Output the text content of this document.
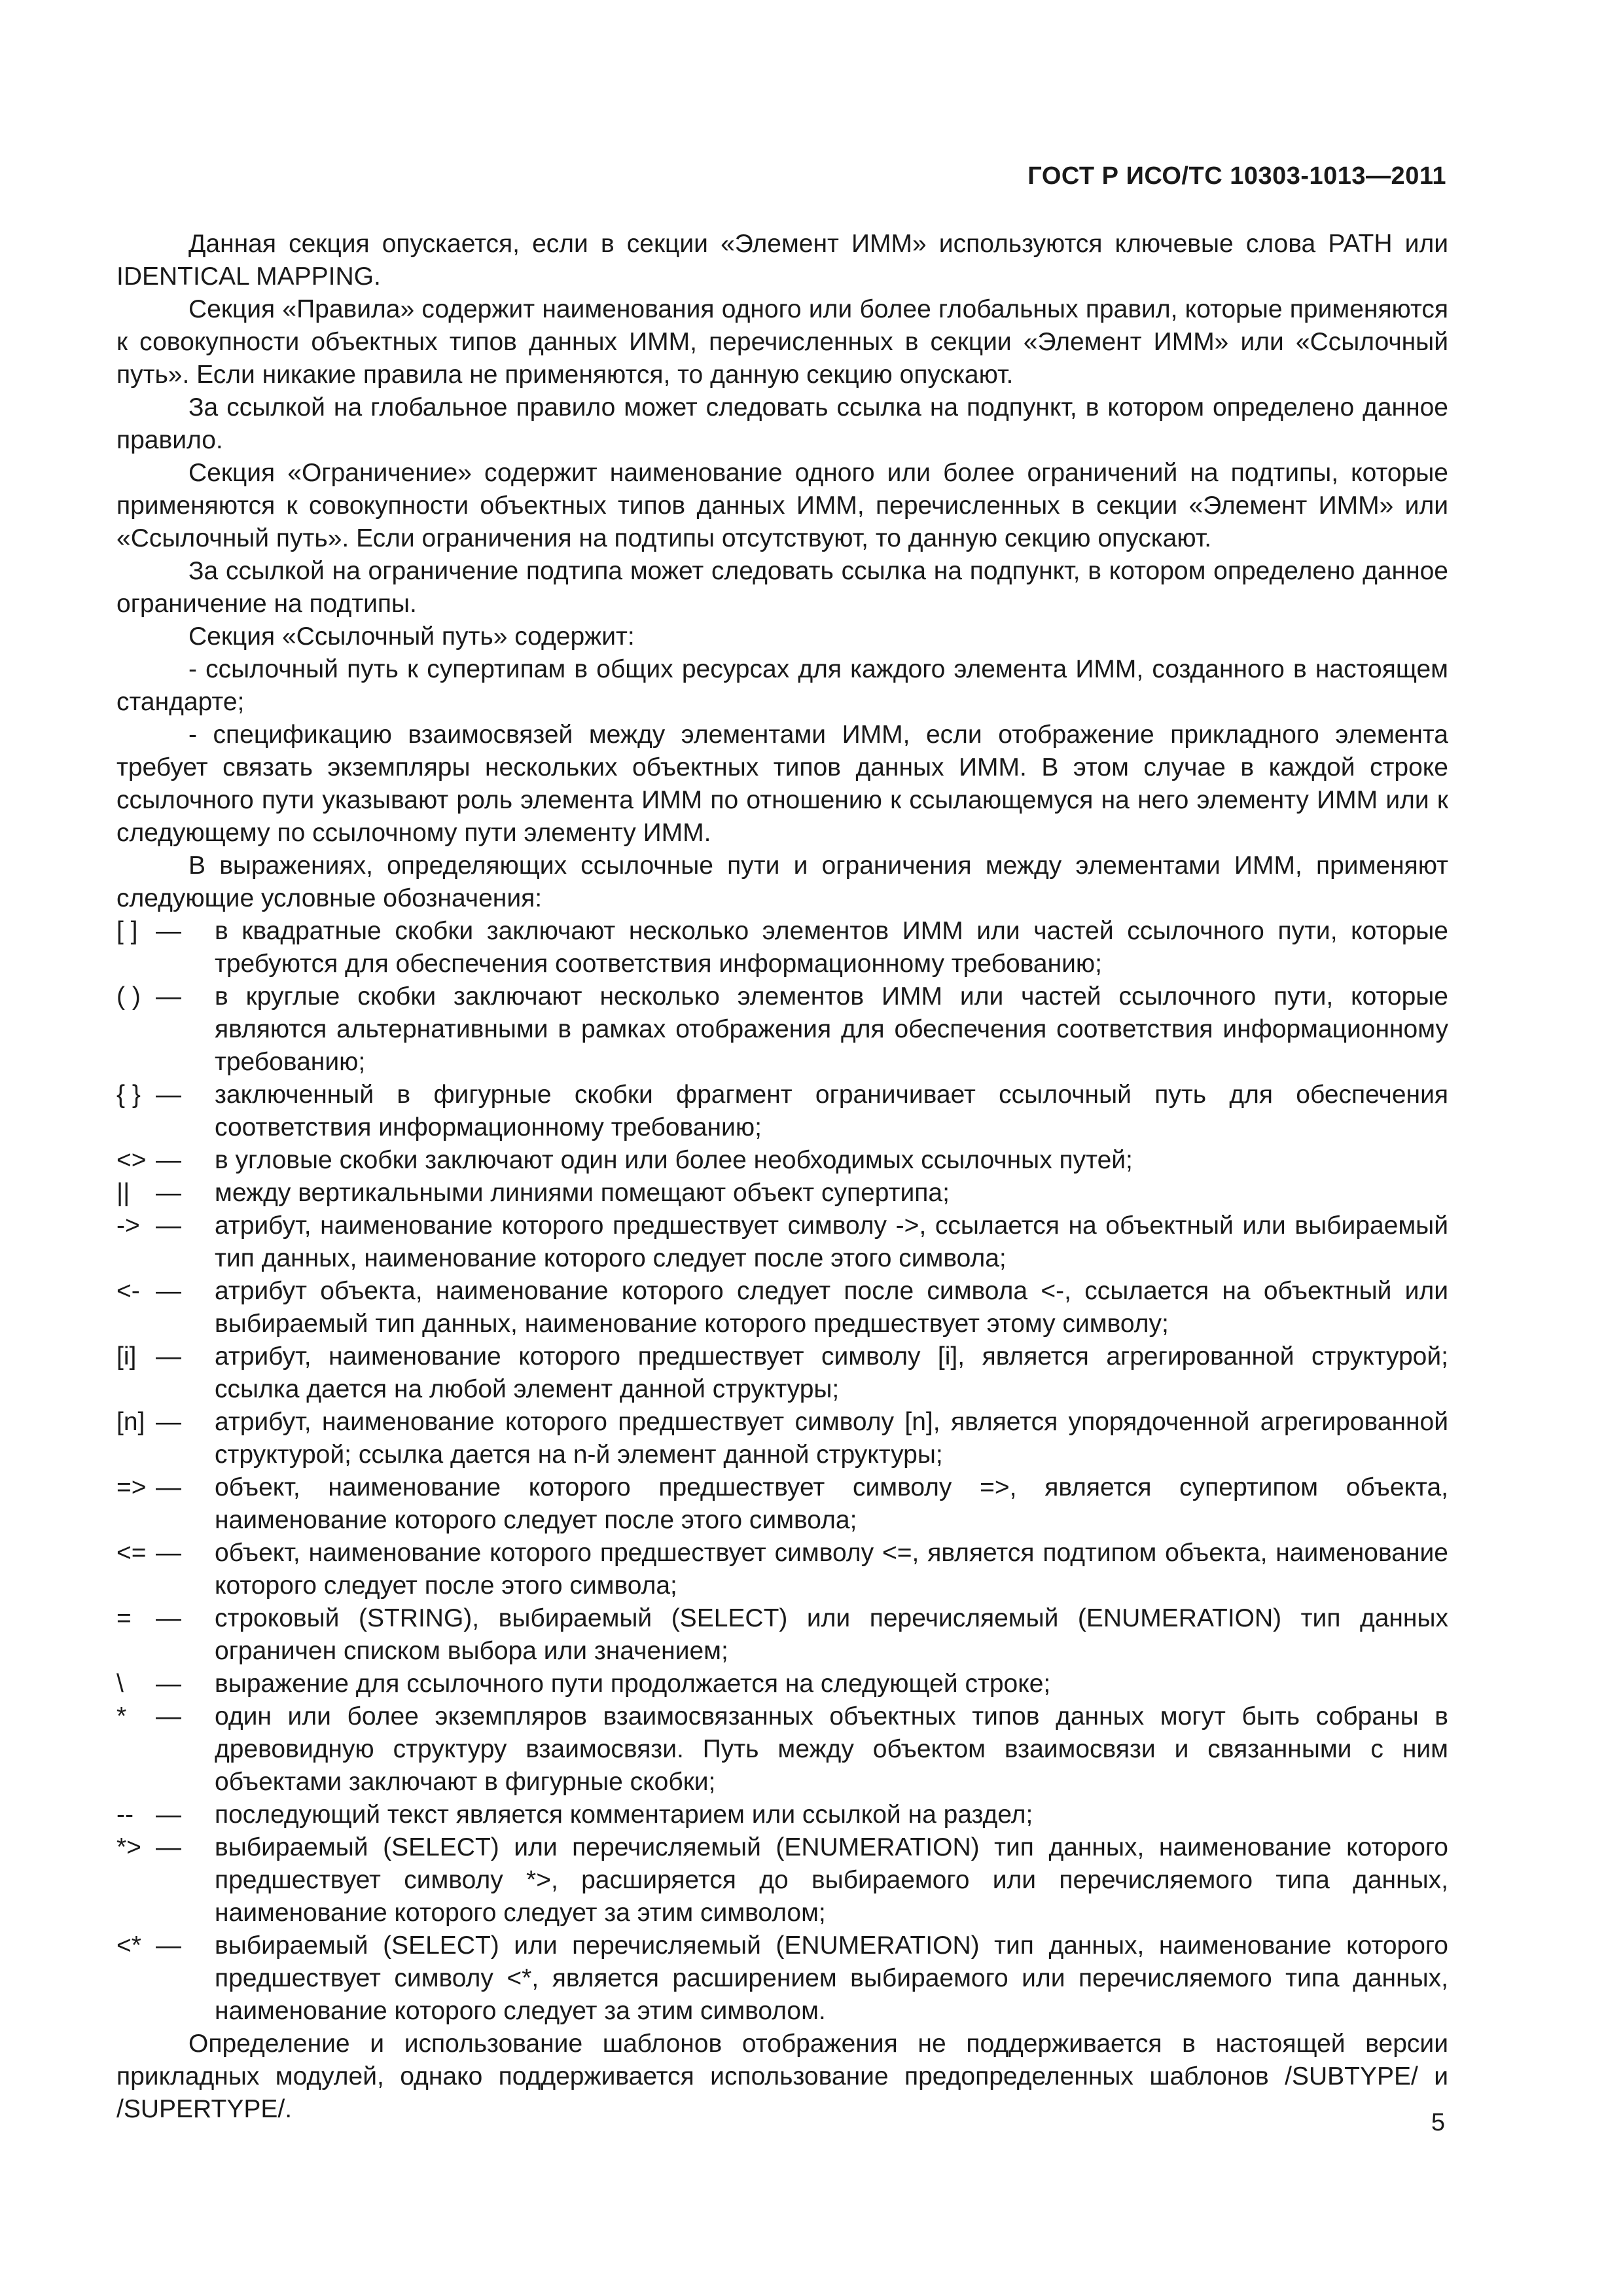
ГОСТ Р ИСО/ТС 10303-1013—2011

Данная секция опускается, если в секции «Элемент ИММ» используются ключевые слова PATH или IDENTICAL MAPPING.

Секция «Правила» содержит наименования одного или более глобальных правил, которые применяются к совокупности объектных типов данных ИММ, перечисленных в секции «Элемент ИММ» или «Ссылочный путь». Если никакие правила не применяются, то данную секцию опускают.

За ссылкой на глобальное правило может следовать ссылка на подпункт, в котором определено данное правило.

Секция «Ограничение» содержит наименование одного или более ограничений на подтипы, которые применяются к совокупности объектных типов данных ИММ, перечисленных в секции «Элемент ИММ» или «Ссылочный путь». Если ограничения на подтипы отсутствуют, то данную секцию опускают.

За ссылкой на ограничение подтипа может следовать ссылка на подпункт, в котором определено данное ограничение на подтипы.

Секция «Ссылочный путь» содержит:

- ссылочный путь к супертипам в общих ресурсах для каждого элемента ИММ, созданного в настоящем стандарте;

- спецификацию взаимосвязей между элементами ИММ, если отображение прикладного элемента требует связать экземпляры нескольких объектных типов данных ИММ. В этом случае в каждой строке ссылочного пути указывают роль элемента ИММ по отношению к ссылающемуся на него элементу ИММ или к следующему по ссылочному пути элементу ИММ.

В выражениях, определяющих ссылочные пути и ограничения между элементами ИММ, применяют следующие условные обозначения:

[ ] — в квадратные скобки заключают несколько элементов ИММ или частей ссылочного пути, которые требуются для обеспечения соответствия информационному требованию;
( ) — в круглые скобки заключают несколько элементов ИММ или частей ссылочного пути, которые являются альтернативными в рамках отображения для обеспечения соответствия информационному требованию;
{ } — заключенный в фигурные скобки фрагмент ограничивает ссылочный путь для обеспечения соответствия информационному требованию;
<> — в угловые скобки заключают один или более необходимых ссылочных путей;
|| — между вертикальными линиями помещают объект супертипа;
-> — атрибут, наименование которого предшествует символу ->, ссылается на объектный или выбираемый тип данных, наименование которого следует после этого символа;
<- — атрибут объекта, наименование которого следует после символа <-, ссылается на объектный или выбираемый тип данных, наименование которого предшествует этому символу;
[i] — атрибут, наименование которого предшествует символу [i], является агрегированной структурой; ссылка дается на любой элемент данной структуры;
[n] — атрибут, наименование которого предшествует символу [n], является упорядоченной агрегированной структурой; ссылка дается на n-й элемент данной структуры;
=> — объект, наименование которого предшествует символу =>, является супертипом объекта, наименование которого следует после этого символа;
<= — объект, наименование которого предшествует символу <=, является подтипом объекта, наименование которого следует после этого символа;
= — строковый (STRING), выбираемый (SELECT) или перечисляемый (ENUMERATION) тип данных ограничен списком выбора или значением;
\ — выражение для ссылочного пути продолжается на следующей строке;
* — один или более экземпляров взаимосвязанных объектных типов данных могут быть собраны в древовидную структуру взаимосвязи. Путь между объектом взаимосвязи и связанными с ним объектами заключают в фигурные скобки;
-- — последующий текст является комментарием или ссылкой на раздел;
*> — выбираемый (SELECT) или перечисляемый (ENUMERATION) тип данных, наименование которого предшествует символу *>, расширяется до выбираемого или перечисляемого типа данных, наименование которого следует за этим символом;
<* — выбираемый (SELECT) или перечисляемый (ENUMERATION) тип данных, наименование которого предшествует символу <*, является расширением выбираемого или перечисляемого типа данных, наименование которого следует за этим символом.

Определение и использование шаблонов отображения не поддерживается в настоящей версии прикладных модулей, однако поддерживается использование предопределенных шаблонов /SUBTYPE/ и /SUPERTYPE/.	5
